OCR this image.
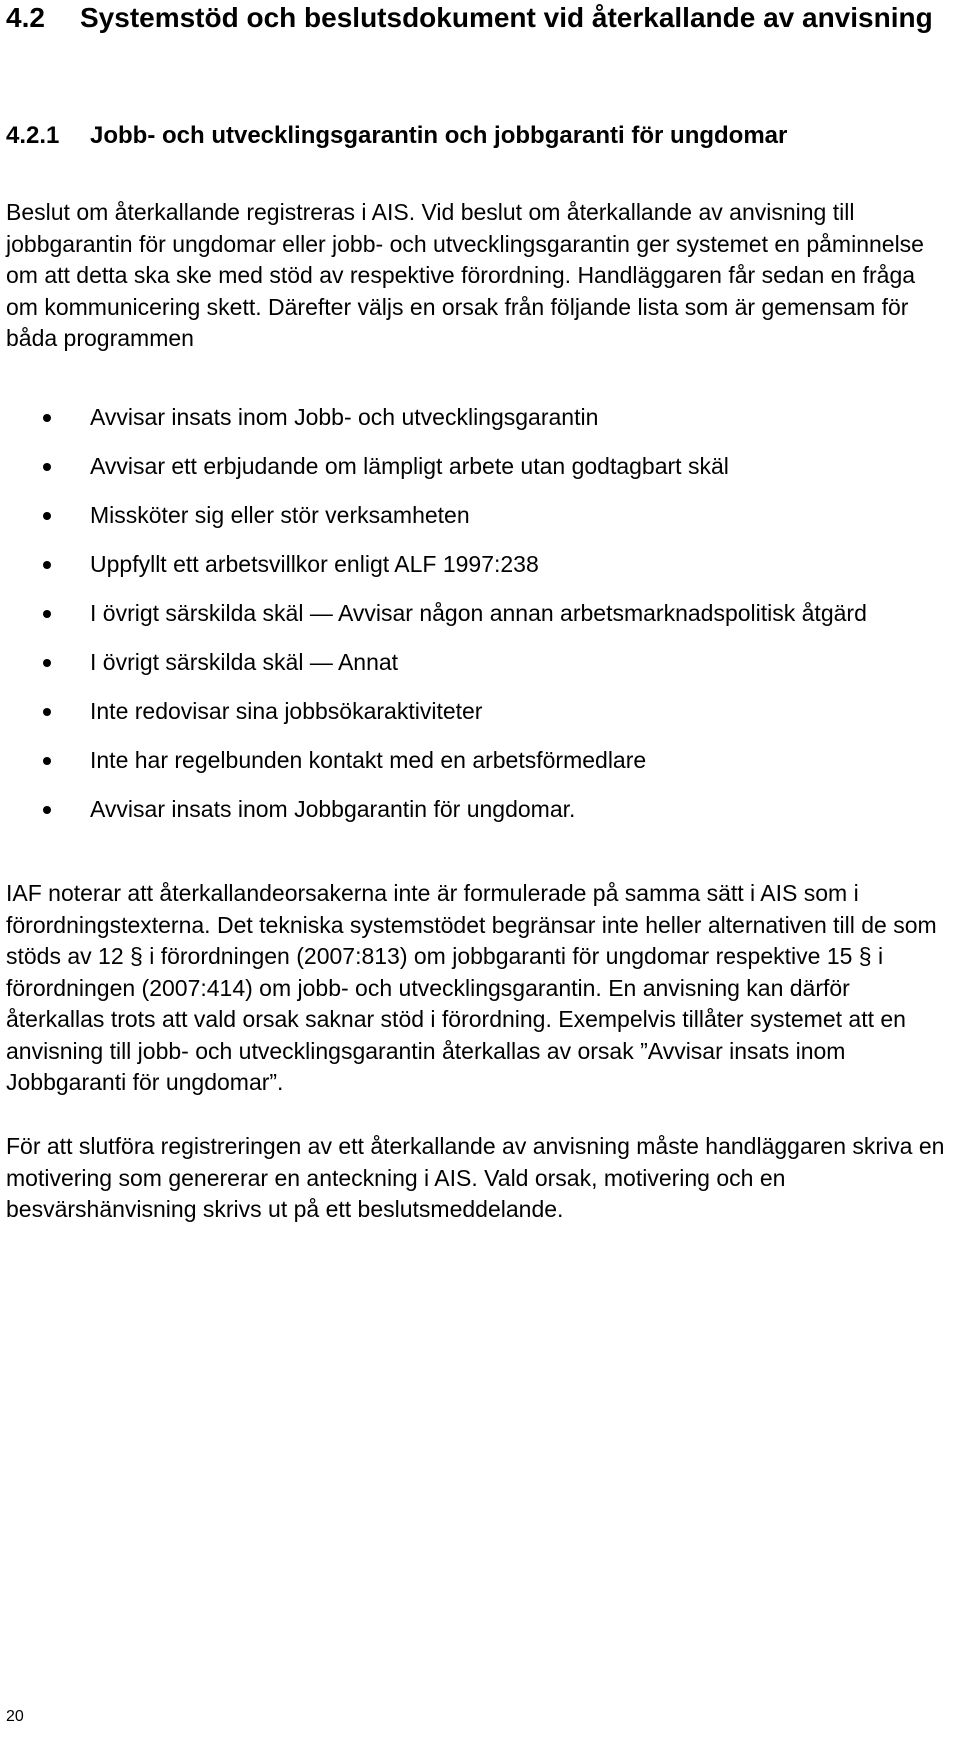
4.2 Systemstöd och beslutsdokument vid återkallande av anvisning
4.2.1 Jobb- och utvecklingsgarantin och jobbgaranti för ungdomar

Beslut om återkallande registreras i AIS. Vid beslut om återkallande av anvisning till jobbgarantin för ungdomar eller jobb- och utvecklingsgarantin ger systemet en påminnelse om att detta ska ske med stöd av respektive förordning. Handläggaren får sedan en fråga om kommunicering skett. Därefter väljs en orsak från följande lista som är gemensam för båda programmen

Avvisar insats inom Jobb- och utvecklingsgarantin
Avvisar ett erbjudande om lämpligt arbete utan godtagbart skäl
Missköter sig eller stör verksamheten
Uppfyllt ett arbetsvillkor enligt ALF 1997:238
I övrigt särskilda skäl — Avvisar någon annan arbetsmarknadspolitisk åtgärd
I övrigt särskilda skäl — Annat
Inte redovisar sina jobbsökaraktiviteter
Inte har regelbunden kontakt med en arbetsförmedlare
Avvisar insats inom Jobbgarantin för ungdomar.

IAF noterar att återkallandeorsakerna inte är formulerade på samma sätt i AIS som i förordningstexterna. Det tekniska systemstödet begränsar inte heller alternativen till de som stöds av 12 § i förordningen (2007:813) om jobbgaranti för ungdomar respektive 15 § i förordningen (2007:414) om jobb- och utvecklingsgarantin. En anvisning kan därför återkallas trots att vald orsak saknar stöd i förordning. Exempelvis tillåter systemet att en anvisning till jobb- och utvecklingsgarantin återkallas av orsak ”Avvisar insats inom Jobbgaranti för ungdomar”.

För att slutföra registreringen av ett återkallande av anvisning måste handläggaren skriva en motivering som genererar en anteckning i AIS. Vald orsak, motivering och en besvärshänvisning skrivs ut på ett beslutsmeddelande.

20
